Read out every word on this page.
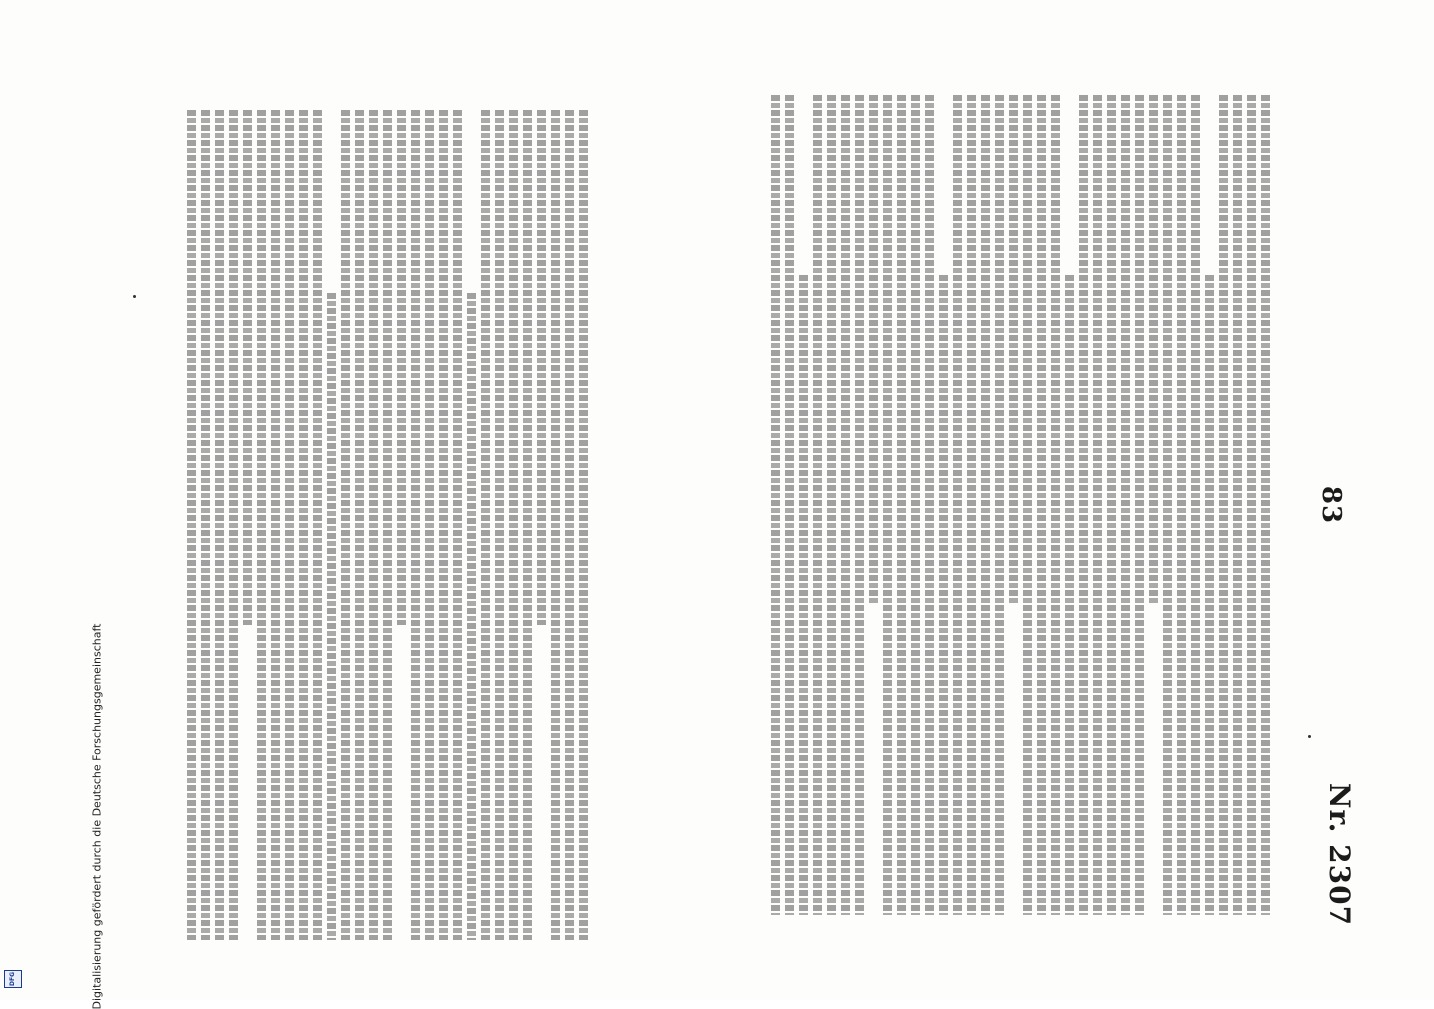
83
Nr. 2307
Digitalisierung gefördert durch die Deutsche Forschungsgemeinschaft
DFG
